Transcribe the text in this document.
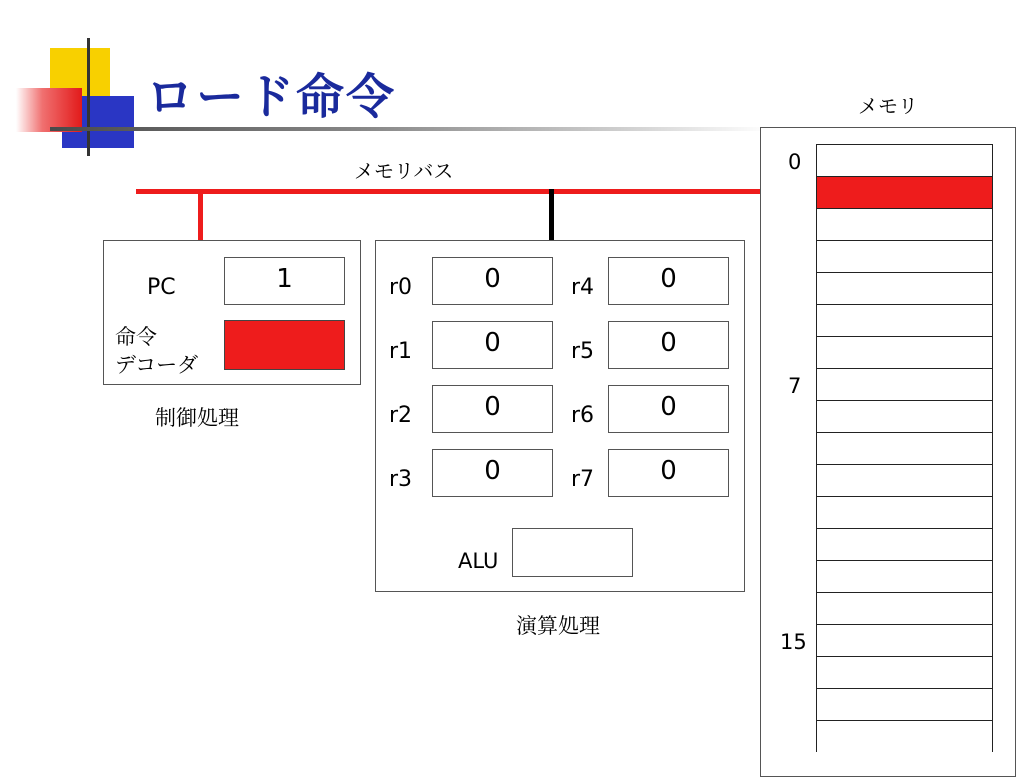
ロード命令
メモリバス
PC	1
命令
デコーダ
制御処理
r0	0
r1	0
r2	0
r3	0
r4	0
r5	0
r6	0
r7	0
ALU
演算処理
メモリ
0
7
15
